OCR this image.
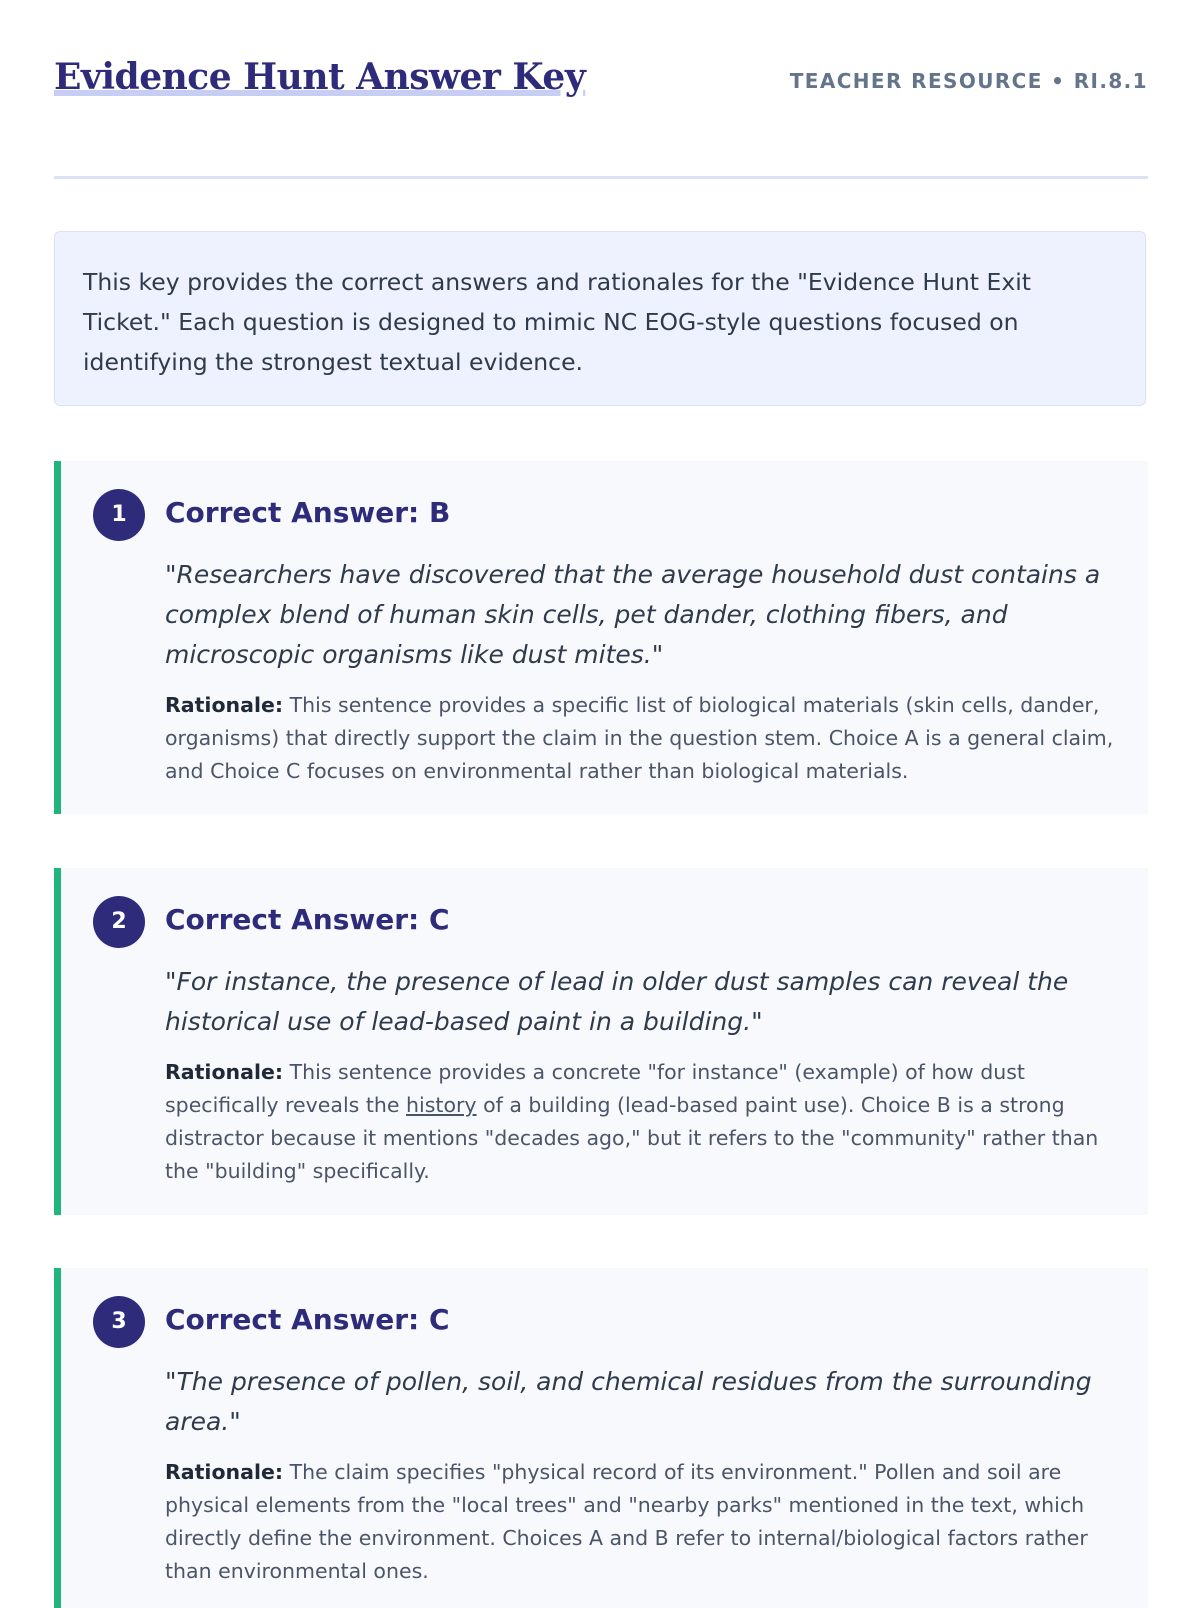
Evidence Hunt Answer Key	TEACHER RESOURCE • RI.8.1

This key provides the correct answers and rationales for the "Evidence Hunt Exit Ticket." Each question is designed to mimic NC EOG-style questions focused on identifying the strongest textual evidence.

1	Correct Answer: B

"Researchers have discovered that the average household dust contains a complex blend of human skin cells, pet dander, clothing fibers, and microscopic organisms like dust mites."

Rationale: This sentence provides a specific list of biological materials (skin cells, dander, organisms) that directly support the claim in the question stem. Choice A is a general claim, and Choice C focuses on environmental rather than biological materials.

2	Correct Answer: C

"For instance, the presence of lead in older dust samples can reveal the historical use of lead-based paint in a building."

Rationale: This sentence provides a concrete "for instance" (example) of how dust specifically reveals the history of a building (lead-based paint use). Choice B is a strong distractor because it mentions "decades ago," but it refers to the "community" rather than the "building" specifically.

3	Correct Answer: C

"The presence of pollen, soil, and chemical residues from the surrounding area."

Rationale: The claim specifies "physical record of its environment." Pollen and soil are physical elements from the "local trees" and "nearby parks" mentioned in the text, which directly define the environment. Choices A and B refer to internal/biological factors rather than environmental ones.
